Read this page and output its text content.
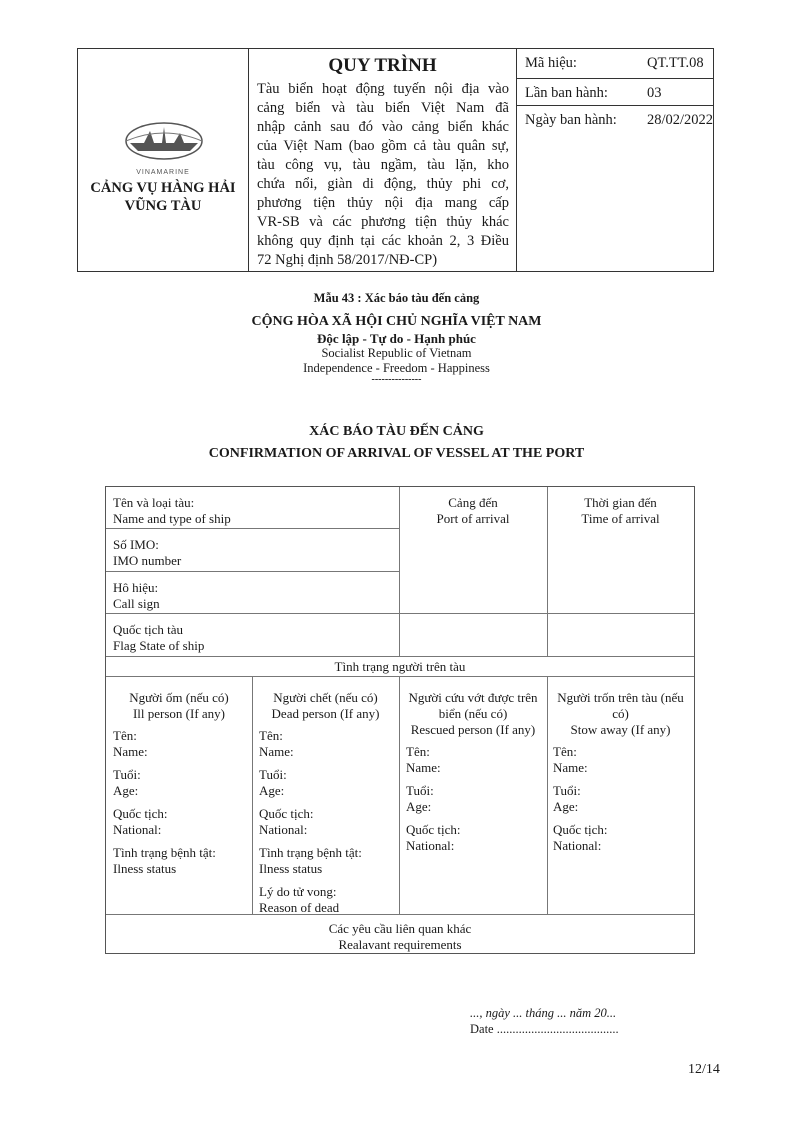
VINAMARINE
CẢNG VỤ HÀNG HẢI
VŨNG TÀU
QUY TRÌNH
Tàu biển hoạt động tuyến nội địa vào
cảng biển và tàu biển Việt Nam đã
nhập cảnh sau đó vào cảng biển khác
của Việt Nam (bao gồm cả tàu quân sự,
tàu công vụ, tàu ngầm, tàu lặn, kho
chứa nổi, giàn di động, thủy phi cơ,
phương tiện thủy nội địa mang cấp
VR-SB và các phương tiện thủy khác
không quy định tại các khoản 2, 3 Điều
72 Nghị định 58/2017/NĐ-CP)
Mã hiệu:	QT.TT.08
Lần ban hành:	03
Ngày ban hành: 28/02/2022
Mẫu 43 : Xác báo tàu đến cảng
CỘNG HÒA XÃ HỘI CHỦ NGHĨA VIỆT NAM
Độc lập - Tự do - Hạnh phúc
Socialist Republic of Vietnam
Independence - Freedom - Happiness
---------------
XÁC BÁO TÀU ĐẾN CẢNG
CONFIRMATION OF ARRIVAL OF VESSEL AT THE PORT
Tên và loại tàu:
Name and type of ship
Số IMO:
IMO number
Hô hiệu:
Call sign
Quốc tịch tàu
Flag State of ship
Cảng đến
Port of arrival
Thời gian đến
Time of arrival
Tình trạng người trên tàu
Người ốm (nếu có)
Ill person (If any)
Tên:
Name:
Tuổi:
Age:
Quốc tịch:
National:
Tình trạng bệnh tật:
Ilness status
Người chết (nếu có)
Dead person (If any)
Tên:
Name:
Tuổi:
Age:
Quốc tịch:
National:
Tình trạng bệnh tật:
Ilness status
Lý do tử vong:
Reason of dead
Người cứu vớt được trên
biển (nếu có)
Rescued person (If any)
Tên:
Name:
Tuổi:
Age:
Quốc tịch:
National:
Người trốn trên tàu (nếu
có)
Stow away (If any)
Tên:
Name:
Tuổi:
Age:
Quốc tịch:
National:
Các yêu cầu liên quan khác
Realavant requirements
..., ngày ... tháng ... năm 20...
Date .......................................
12/14
